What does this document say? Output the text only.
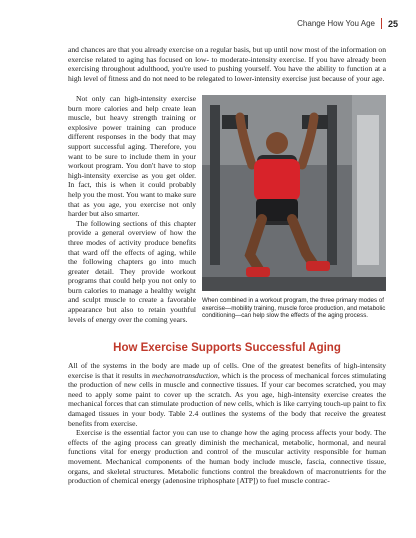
Change How You Age 25

and chances are that you already exercise on a regular basis, but up until now most of the information on exercise related to aging has focused on low- to moderate-intensity exercise. If you have already been exercising throughout adulthood, you're used to pushing yourself. You have the ability to function at a high level of fitness and do not need to be relegated to lower-intensity exercise just because of your age.

Not only can high-intensity exercise burn more calories and help create lean muscle, but heavy strength training or explosive power training can produce different responses in the body that may support successful aging. Therefore, you want to be sure to include them in your workout program. You don't have to stop high-intensity exercise as you get older. In fact, this is when it could probably help you the most. You want to make sure that as you age, you exercise not only harder but also smarter.

The following sections of this chapter provide a general overview of how the three modes of activity produce benefits that ward off the effects of aging, while the following chapters go into much greater detail. They provide workout programs that could help you not only to burn calories to manage a healthy weight and sculpt muscle to create a favorable appearance but also to retain youthful levels of energy over the coming years.

When combined in a workout program, the three primary modes of exercise—mobility training, muscle force production, and metabolic conditioning—can help slow the effects of the aging process.
How Exercise Supports Successful Aging

All of the systems in the body are made up of cells. One of the greatest benefits of high-intensity exercise is that it results in mechanotransduction, which is the process of mechanical forces stimulating the production of new cells in muscle and connective tissues. If your car becomes scratched, you may need to apply some paint to cover up the scratch. As you age, high-intensity exercise creates the mechanical forces that can stimulate production of new cells, which is like carrying touch-up paint to fix damaged tissues in your body. Table 2.4 outlines the systems of the body that receive the greatest benefits from exercise.

Exercise is the essential factor you can use to change how the aging process affects your body. The effects of the aging process can greatly diminish the mechanical, metabolic, hormonal, and neural functions vital for energy production and control of the muscular activity responsible for human movement. Mechanical components of the human body include muscle, fascia, connective tissue, organs, and skeletal structures. Metabolic functions control the breakdown of macronutrients for the production of chemical energy (adenosine triphosphate [ATP]) to fuel muscle contrac-
